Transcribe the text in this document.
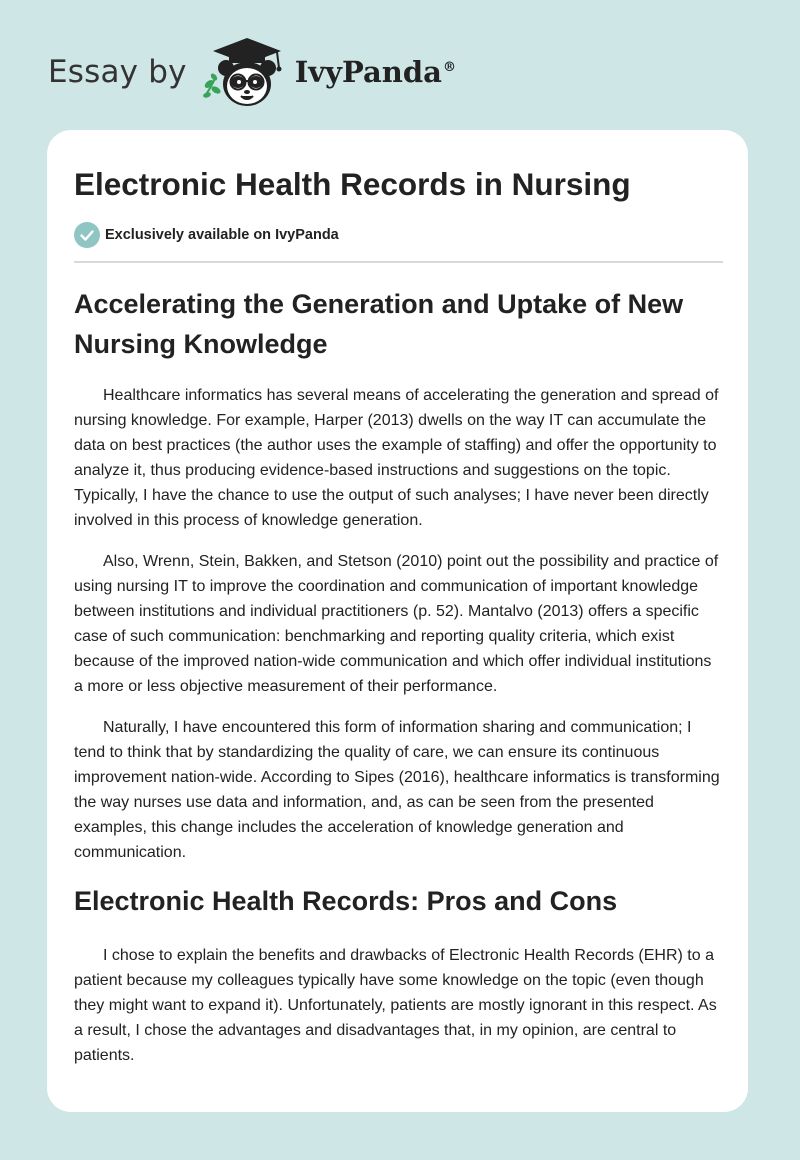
Essay by	IvyPanda®
Electronic Health Records in Nursing
Exclusively available on IvyPanda
Accelerating the Generation and Uptake of New Nursing Knowledge

Healthcare informatics has several means of accelerating the generation and spread of nursing knowledge. For example, Harper (2013) dwells on the way IT can accumulate the data on best practices (the author uses the example of staffing) and offer the opportunity to analyze it, thus producing evidence-based instructions and suggestions on the topic. Typically, I have the chance to use the output of such analyses; I have never been directly involved in this process of knowledge generation.

Also, Wrenn, Stein, Bakken, and Stetson (2010) point out the possibility and practice of using nursing IT to improve the coordination and communication of important knowledge between institutions and individual practitioners (p. 52). Mantalvo (2013) offers a specific case of such communication: benchmarking and reporting quality criteria, which exist because of the improved nation-wide communication and which offer individual institutions a more or less objective measurement of their performance.

Naturally, I have encountered this form of information sharing and communication; I tend to think that by standardizing the quality of care, we can ensure its continuous improvement nation-wide. According to Sipes (2016), healthcare informatics is transforming the way nurses use data and information, and, as can be seen from the presented examples, this change includes the acceleration of knowledge generation and communication.

Electronic Health Records: Pros and Cons

I chose to explain the benefits and drawbacks of Electronic Health Records (EHR) to a patient because my colleagues typically have some knowledge on the topic (even though they might want to expand it). Unfortunately, patients are mostly ignorant in this respect. As a result, I chose the advantages and disadvantages that, in my opinion, are central to patients.
